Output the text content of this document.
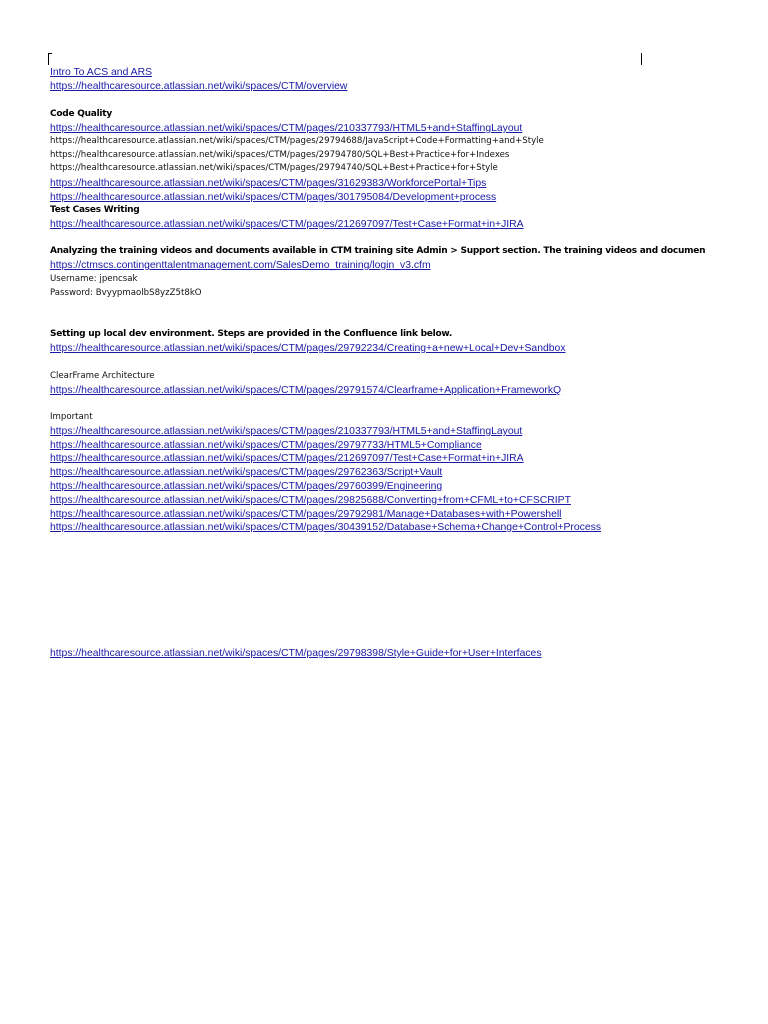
Intro To ACS and ARS
https://healthcaresource.atlassian.net/wiki/spaces/CTM/overview
Code Quality
https://healthcaresource.atlassian.net/wiki/spaces/CTM/pages/210337793/HTML5+and+StaffingLayout
https://healthcaresource.atlassian.net/wiki/spaces/CTM/pages/29794688/JavaScript+Code+Formatting+and+Style
https://healthcaresource.atlassian.net/wiki/spaces/CTM/pages/29794780/SQL+Best+Practice+for+Indexes
https://healthcaresource.atlassian.net/wiki/spaces/CTM/pages/29794740/SQL+Best+Practice+for+Style
https://healthcaresource.atlassian.net/wiki/spaces/CTM/pages/31629383/WorkforcePortal+Tips
https://healthcaresource.atlassian.net/wiki/spaces/CTM/pages/301795084/Development+process
Test Cases Writing
https://healthcaresource.atlassian.net/wiki/spaces/CTM/pages/212697097/Test+Case+Format+in+JIRA
Analyzing the training videos and documents available in CTM training site Admin > Support section. The training videos and documen
https://ctmscs.contingenttalentmanagement.com/SalesDemo_training/login_v3.cfm
Username: jpencsak
Password: BvyypmaolbS8yzZ5t8kO
Setting up local dev environment. Steps are provided in the Confluence link below.
https://healthcaresource.atlassian.net/wiki/spaces/CTM/pages/29792234/Creating+a+new+Local+Dev+Sandbox
ClearFrame Architecture
https://healthcaresource.atlassian.net/wiki/spaces/CTM/pages/29791574/Clearframe+Application+FrameworkQ
Important
https://healthcaresource.atlassian.net/wiki/spaces/CTM/pages/210337793/HTML5+and+StaffingLayout
https://healthcaresource.atlassian.net/wiki/spaces/CTM/pages/29797733/HTML5+Compliance
https://healthcaresource.atlassian.net/wiki/spaces/CTM/pages/212697097/Test+Case+Format+in+JIRA
https://healthcaresource.atlassian.net/wiki/spaces/CTM/pages/29762363/Script+Vault
https://healthcaresource.atlassian.net/wiki/spaces/CTM/pages/29760399/Engineering
https://healthcaresource.atlassian.net/wiki/spaces/CTM/pages/29825688/Converting+from+CFML+to+CFSCRIPT
https://healthcaresource.atlassian.net/wiki/spaces/CTM/pages/29792981/Manage+Databases+with+Powershell
https://healthcaresource.atlassian.net/wiki/spaces/CTM/pages/30439152/Database+Schema+Change+Control+Process
https://healthcaresource.atlassian.net/wiki/spaces/CTM/pages/29798398/Style+Guide+for+User+Interfaces
